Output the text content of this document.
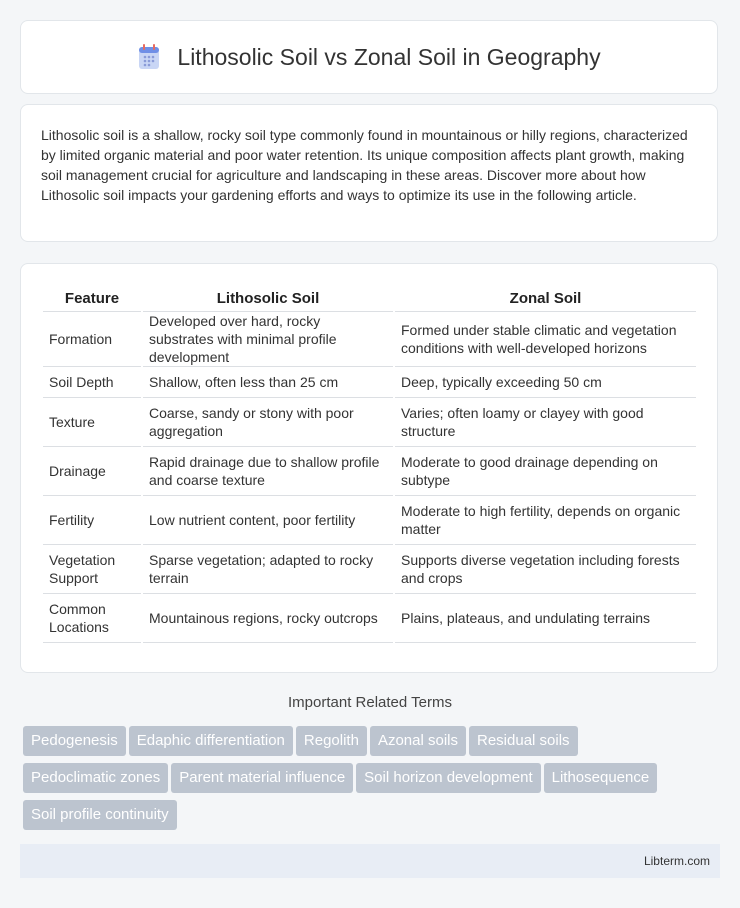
Lithosolic Soil vs Zonal Soil in Geography
Lithosolic soil is a shallow, rocky soil type commonly found in mountainous or hilly regions, characterized by limited organic material and poor water retention. Its unique composition affects plant growth, making soil management crucial for agriculture and landscaping in these areas. Discover more about how Lithosolic soil impacts your gardening efforts and ways to optimize its use in the following article.
Feature	Lithosolic Soil	Zonal Soil
Formation	Developed over hard, rocky substrates with minimal profile development	Formed under stable climatic and vegetation conditions with well-developed horizons
Soil Depth	Shallow, often less than 25 cm	Deep, typically exceeding 50 cm
Texture	Coarse, sandy or stony with poor aggregation	Varies; often loamy or clayey with good structure
Drainage	Rapid drainage due to shallow profile and coarse texture	Moderate to good drainage depending on subtype
Fertility	Low nutrient content, poor fertility	Moderate to high fertility, depends on organic matter
Vegetation Support	Sparse vegetation; adapted to rocky terrain	Supports diverse vegetation including forests and crops
Common Locations	Mountainous regions, rocky outcrops	Plains, plateaus, and undulating terrains
Important Related Terms
Pedogenesis Edaphic differentiation Regolith Azonal soils Residual soils
Pedoclimatic zones Parent material influence Soil horizon development Lithosequence
Soil profile continuity
Libterm.com
